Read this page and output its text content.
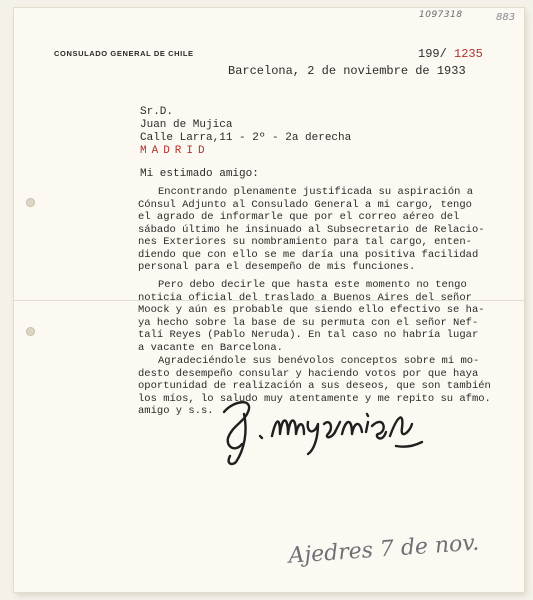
1097318	883
CONSULADO GENERAL DE CHILE	199/ 1235
Barcelona, 2 de noviembre de 1933
Sr.D.
Juan de Mujica
Calle Larra,11 - 2º - 2a derecha
MADRID
Mi estimado amigo:
Encontrando plenamente justificada su aspiración a
Cónsul Adjunto al Consulado General a mi cargo, tengo
el agrado de informarle que por el correo aéreo del
sábado último he insinuado al Subsecretario de Relacio-
nes Exteriores su nombramiento para tal cargo, enten-
diendo que con ello se me daría una positiva facilidad
personal para el desempeño de mis funciones.
Pero debo decirle que hasta este momento no tengo
noticia oficial del traslado a Buenos Aires del señor
Moock y aún es probable que siendo ello efectivo se ha-
ya hecho sobre la base de su permuta con el señor Nef-
talí Reyes (Pablo Neruda). En tal caso no habría lugar
a vacante en Barcelona.
Agradeciéndole sus benévolos conceptos sobre mi mo-
desto desempeño consular y haciendo votos por que haya
oportunidad de realización a sus deseos, que son también
los míos, lo saludo muy atentamente y me repito su afmo.
amigo y s.s.
Ajedres 7 de nov.
